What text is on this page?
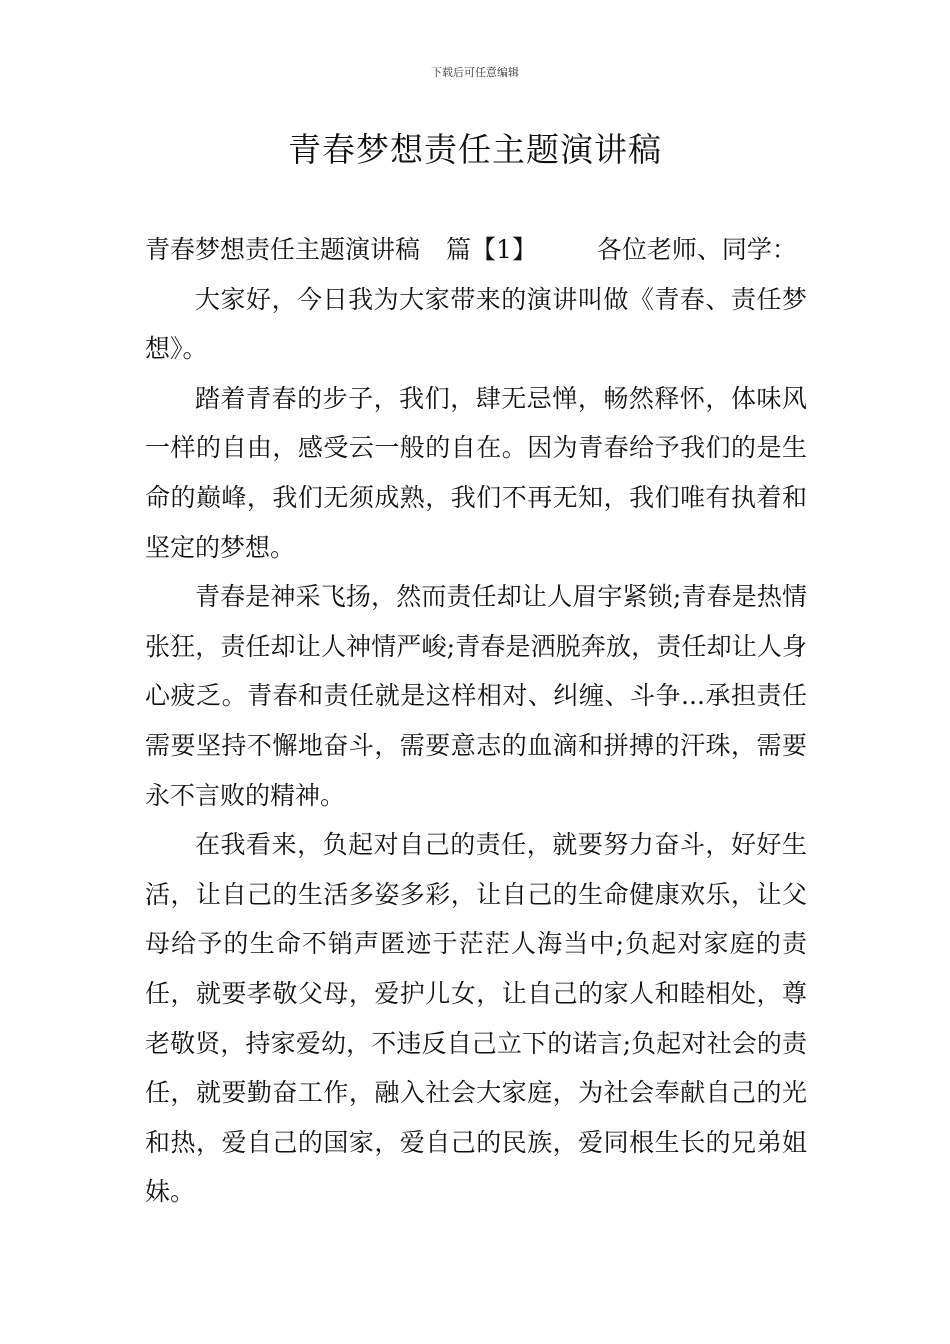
下载后可任意编辑
青春梦想责任主题演讲稿

青春梦想责任主题演讲稿 篇【1】 各位老师、同学：

大家好，今日我为大家带来的演讲叫做《青春、责任梦想》。

踏着青春的步子，我们，肆无忌惮，畅然释怀，体味风一样的自由，感受云一般的自在。因为青春给予我们的是生命的巅峰，我们无须成熟，我们不再无知，我们唯有执着和坚定的梦想。

青春是神采飞扬，然而责任却让人眉宇紧锁;青春是热情张狂，责任却让人神情严峻;青春是洒脱奔放，责任却让人身心疲乏。青春和责任就是这样相对、纠缠、斗争...承担责任需要坚持不懈地奋斗，需要意志的血滴和拼搏的汗珠，需要永不言败的精神。

在我看来，负起对自己的责任，就要努力奋斗，好好生活，让自己的生活多姿多彩，让自己的生命健康欢乐，让父母给予的生命不销声匿迹于茫茫人海当中;负起对家庭的责任，就要孝敬父母，爱护儿女，让自己的家人和睦相处，尊老敬贤，持家爱幼，不违反自己立下的诺言;负起对社会的责任，就要勤奋工作，融入社会大家庭，为社会奉献自己的光和热，爱自己的国家，爱自己的民族，爱同根生长的兄弟姐妹。
